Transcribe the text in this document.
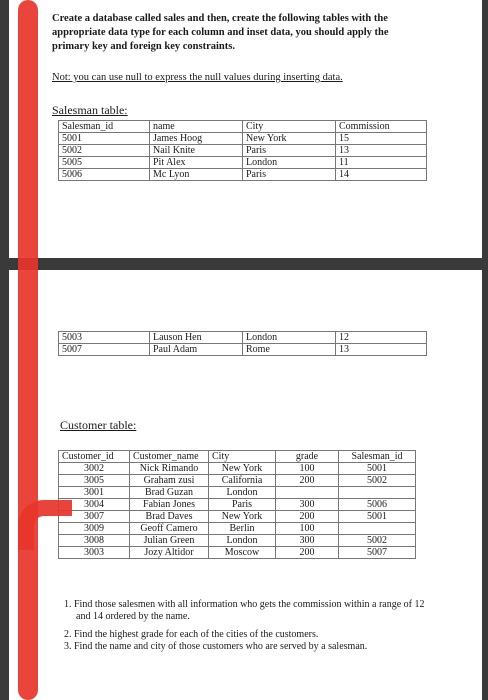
Create a database called sales and then, create the following tables with the appropriate data type for each column and inset data, you should apply the primary key and foreign key constraints.
Not: you can use null to express the null values during inserting data.
Salesman table:
Salesman_id	name	City	Commission
5001	James Hoog	New York	15
5002	Nail Knite	Paris	13
5005	Pit Alex	London	11
5006	Mc Lyon	Paris	14
5003	Lauson Hen	London	12
5007	Paul Adam	Rome	13
Customer table:
Customer_id	Customer_name	City	grade	Salesman_id
3002	Nick Rimando	New York	100	5001
3005	Graham zusi	California	200	5002
3001	Brad Guzan	London		
3004	Fabian Jones	Paris	300	5006
3007	Brad Daves	New York	200	5001
3009	Geoff Camero	Berlin	100	
3008	Julian Green	London	300	5002
3003	Jozy Altidor	Moscow	200	5007

1. Find those salesmen with all information who gets the commission within a range of 12 and 14 ordered by the name.

2. Find the highest grade for each of the cities of the customers.

3. Find the name and city of those customers who are served by a salesman.
